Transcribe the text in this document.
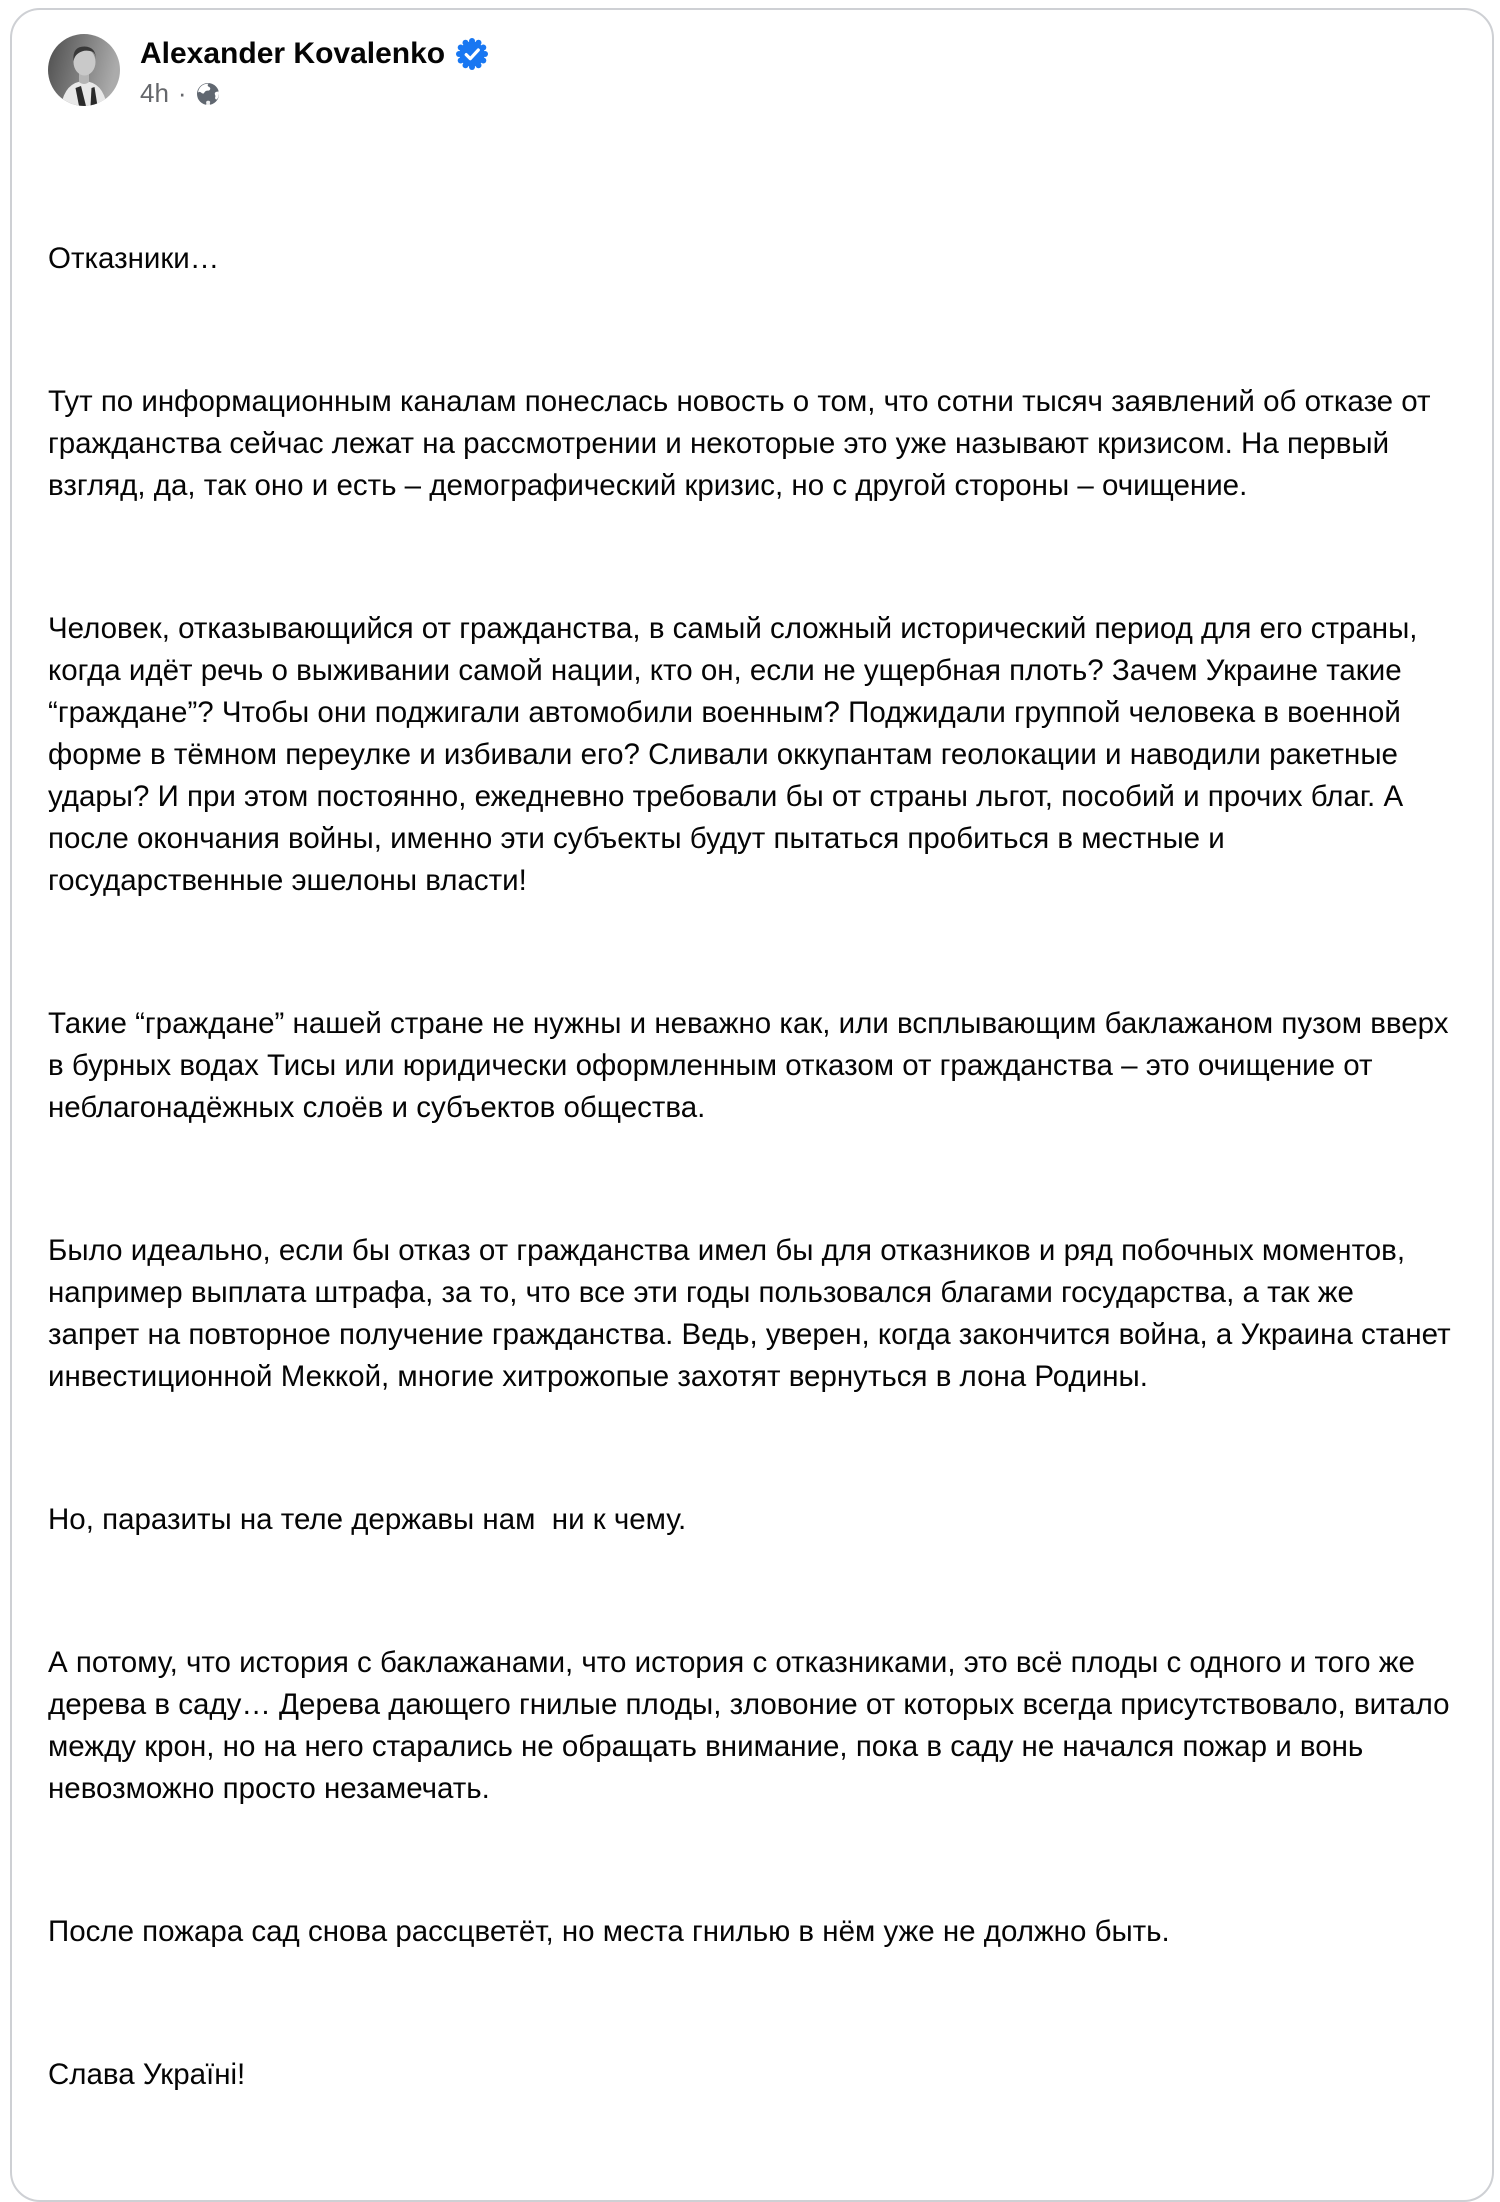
Alexander Kovalenko
4h ·

Отказники…

Тут по информационным каналам понеслась новость о том, что сотни тысяч заявлений об отказе от гражданства сейчас лежат на рассмотрении и некоторые это уже называют кризисом. На первый взгляд, да, так оно и есть – демографический кризис, но с другой стороны – очищение.

Человек, отказывающийся от гражданства, в самый сложный исторический период для его страны, когда идёт речь о выживании самой нации, кто он, если не ущербная плоть? Зачем Украине такие “граждане”? Чтобы они поджигали автомобили военным? Поджидали группой человека в военной форме в тёмном переулке и избивали его? Сливали оккупантам геолокации и наводили ракетные удары? И при этом постоянно, ежедневно требовали бы от страны льгот, пособий и прочих благ. А после окончания войны, именно эти субъекты будут пытаться пробиться в местные и государственные эшелоны власти!

Такие “граждане” нашей стране не нужны и неважно как, или всплывающим баклажаном пузом вверх в бурных водах Тисы или юридически оформленным отказом от гражданства – это очищение от неблагонадёжных слоёв и субъектов общества.

Было идеально, если бы отказ от гражданства имел бы для отказников и ряд побочных моментов, например выплата штрафа, за то, что все эти годы пользовался благами государства, а так же запрет на повторное получение гражданства. Ведь, уверен, когда закончится война, а Украина станет инвестиционной Меккой, многие хитрожопые захотят вернуться в лона Родины.

Но, паразиты на теле державы нам  ни к чему.

А потому, что история с баклажанами, что история с отказниками, это всё плоды с одного и того же дерева в саду… Дерева дающего гнилые плоды, зловоние от которых всегда присутствовало, витало между крон, но на него старались не обращать внимание, пока в саду не начался пожар и вонь невозможно просто незамечать.

После пожара сад снова рассцветёт, но места гнилью в нём уже не должно быть.

Слава Україні!
